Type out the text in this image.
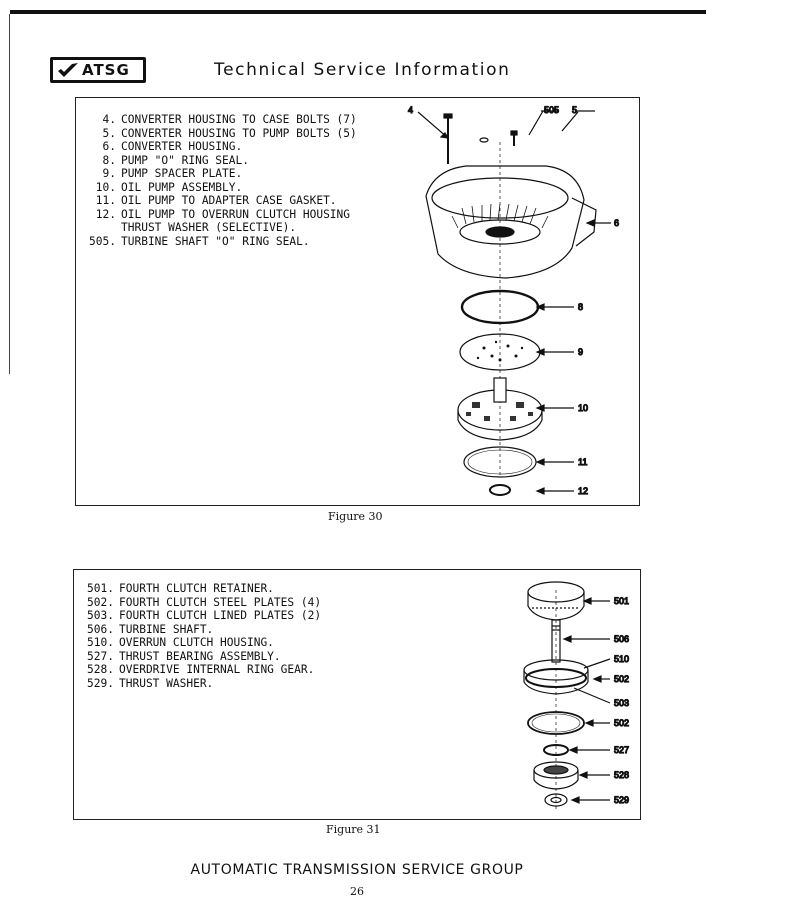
ATSG	Technical Service Information
4. CONVERTER HOUSING TO CASE BOLTS (7)
5. CONVERTER HOUSING TO PUMP BOLTS (5)
6. CONVERTER HOUSING.
8. PUMP "O" RING SEAL.
9. PUMP SPACER PLATE.
10. OIL PUMP ASSEMBLY.
11. OIL PUMP TO ADAPTER CASE GASKET.
12. OIL PUMP TO OVERRUN CLUTCH HOUSING
THRUST WASHER (SELECTIVE).
505. TURBINE SHAFT "O" RING SEAL.
4	505 5
6
8
9
10
11
12
Figure 30
501. FOURTH CLUTCH RETAINER.
502. FOURTH CLUTCH STEEL PLATES (4)
503. FOURTH CLUTCH LINED PLATES (2)
506. TURBINE SHAFT.
510. OVERRUN CLUTCH HOUSING.
527. THRUST BEARING ASSEMBLY.
528. OVERDRIVE INTERNAL RING GEAR.
529. THRUST WASHER.
501
506
510
502
503
502
527
528
529
Figure 31
AUTOMATIC TRANSMISSION SERVICE GROUP
26
